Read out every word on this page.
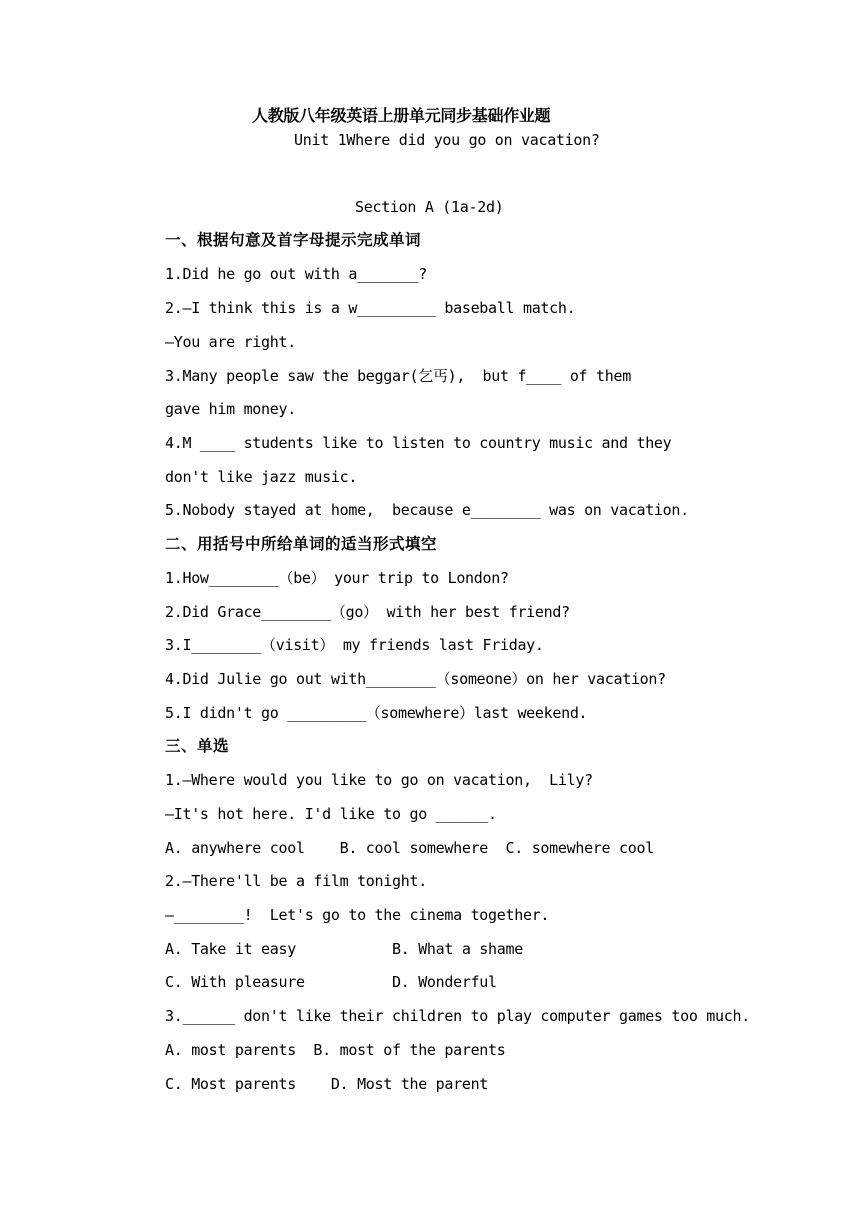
人教版八年级英语上册单元同步基础作业题
Unit 1Where did you go on vacation?
Section A (1a-2d)
一、根据句意及首字母提示完成单词
1.Did he go out with a_______?
2.—I think this is a w_________ baseball match.
—You are right.
3.Many people saw the beggar(乞丐),  but f____ of them
gave him money.
4.M ____ students like to listen to country music and they
don't like jazz music.
5.Nobody stayed at home,  because e________ was on vacation.
二、用括号中所给单词的适当形式填空
1.How________（be） your trip to London?
2.Did Grace________（go） with her best friend?
3.I________（visit） my friends last Friday.
4.Did Julie go out with________（someone）on her vacation?
5.I didn't go _________（somewhere）last weekend.
三、单选
1.—Where would you like to go on vacation,  Lily?
—It's hot here. I'd like to go ______.
A. anywhere cool    B. cool somewhere  C. somewhere cool
2.—There'll be a film tonight.
—________!  Let's go to the cinema together.
A. Take it easy           B. What a shame
C. With pleasure          D. Wonderful
3.______ don't like their children to play computer games too much.
A. most parents  B. most of the parents
C. Most parents    D. Most the parent
